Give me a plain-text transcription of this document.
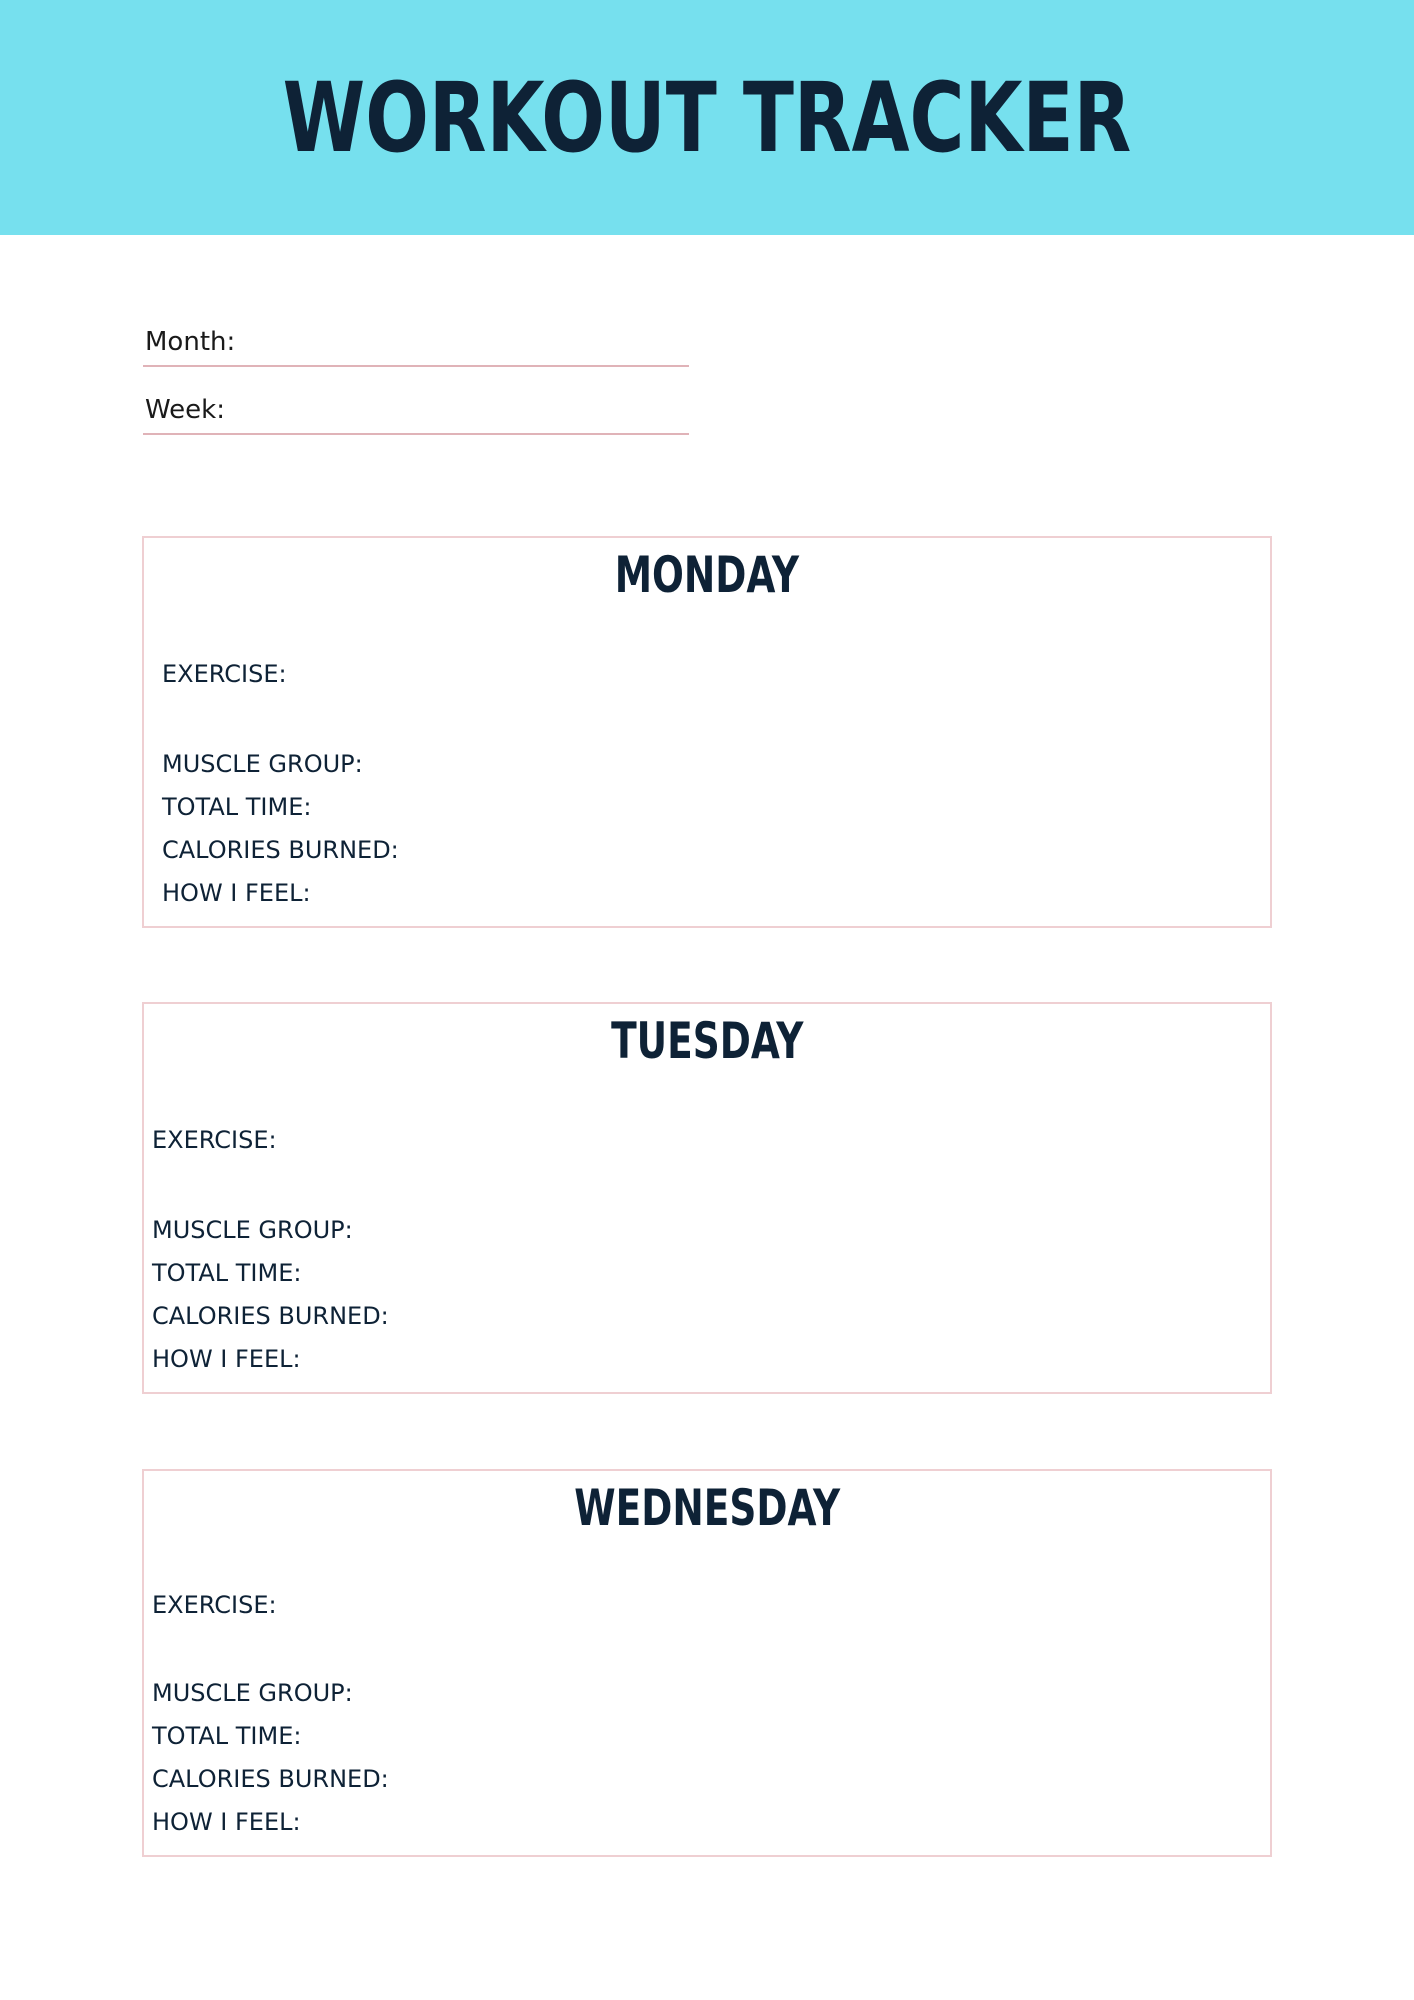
WORKOUT TRACKER
Month:
Week:
MONDAY
EXERCISE:
MUSCLE GROUP:
TOTAL TIME:
CALORIES BURNED:
HOW I FEEL:
TUESDAY
EXERCISE:
MUSCLE GROUP:
TOTAL TIME:
CALORIES BURNED:
HOW I FEEL:
WEDNESDAY
EXERCISE:
MUSCLE GROUP:
TOTAL TIME:
CALORIES BURNED:
HOW I FEEL:
